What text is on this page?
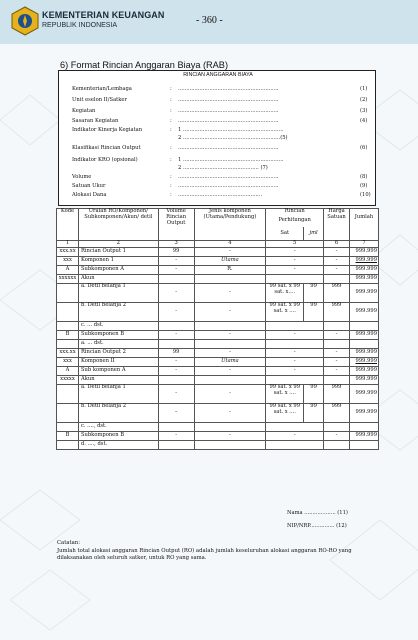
KEMENTERIAN KEUANGAN
REPUBLIK INDONESIA	- 360 -
6) Format Rincian Anggaran Biaya (RAB)
RINCIAN ANGGARAN BIAYA
Kementerian/Lembaga	: .............................................................	(1)
Unit eselon II/Satker	: .............................................................	(2)
Kegiatan	: .............................................................	(3)
Sasaran Kegiatan	: .............................................................	(4)
Indikator Kinerja Kegiatan	: 1 .............................................................
2 ...........................................................(5)
Klasifikasi Rincian Output	: .............................................................	(6)
Indikator KRO (opsional)	: 1 .............................................................
2 .............................................. (7)
Volume	: .............................................................	(8)
Satuan Ukur	: .............................................................	(9)
Alokasi Dana	: ...................................................	(10)
Kode	Uraian RO/Komponen/	Volume	Jenis komponen	Rincian		Harga	
	Subkomponen/Akun/ detil	Rincian Output	(Utama/Pendukung)	Perhitungan		Satuan	Jumlah
				Sat	jml		
1	2	3	4	5		6	7
xxx.xx	Rincian Output 1	99	-	-		-	999.999
xxx	Komponen 1	-	Utama	-		-	999.999
A	Subkomponen A	-	R.	-		-	999.999
xxxxxx	Akun						999.999
	a. Detil belanja 1	-	-	99 sat. x 99 sat. x....	99	999	999.999
	b. Detil belanja 2	-	-	99 sat. x 99 sat. x ....	99	999	999.999
	c. ... dst.						
B	Subkomponen B	-	-	-		-	999.999
	a. ... dst.						
xxx.xx	Rincian Output 2	99	-	-		-	999.999
xxx	Komponen II	-	Utama	-		-	999.999
A	Sub komponen A	-	-	-		-	999.999
xxxxx	Akun						999.999
	a. Detil belanja 1	-	-	99 sat. x 99 sat. x ....	99	999	999.999
	b. Detil belanja 2	–	-	99 sat. x 99 sat. x ....	99	999	999.999
	c. ...., dst.						
B	Subkomponen B	-	-	-		-	999.999
	d. ...., dst.						
Nama ................... (11)
NIP/NRP............... (12)
Catatan:
Jumlah total alokasi anggaran Rincian Output (RO) adalah jumlah keseluruhan alokasi anggaran RO-RO yang dilaksanakan oleh seluruh satker, untuk RO yang sama.
